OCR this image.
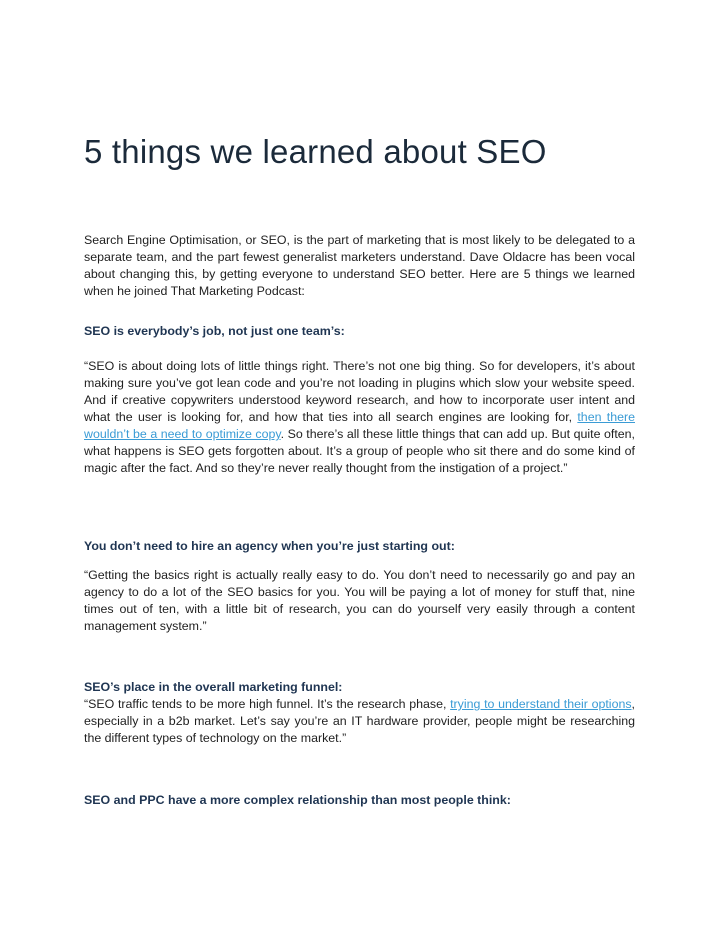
5 things we learned about SEO

Search Engine Optimisation, or SEO, is the part of marketing that is most likely to be delegated to a separate team, and the part fewest generalist marketers understand. Dave Oldacre has been vocal about changing this, by getting everyone to understand SEO better. Here are 5 things we learned when he joined That Marketing Podcast:

SEO is everybody’s job, not just one team’s:

“SEO is about doing lots of little things right. There’s not one big thing. So for developers, it’s about making sure you’ve got lean code and you’re not loading in plugins which slow your website speed. And if creative copywriters understood keyword research, and how to incorporate user intent and what the user is looking for, and how that ties into all search engines are looking for, then there wouldn’t be a need to optimize copy. So there’s all these little things that can add up. But quite often, what happens is SEO gets forgotten about. It’s a group of people who sit there and do some kind of magic after the fact. And so they’re never really thought from the instigation of a project.”

You don’t need to hire an agency when you’re just starting out:

“Getting the basics right is actually really easy to do. You don’t need to necessarily go and pay an agency to do a lot of the SEO basics for you. You will be paying a lot of money for stuff that, nine times out of ten, with a little bit of research, you can do yourself very easily through a content management system.”

SEO’s place in the overall marketing funnel:

“SEO traffic tends to be more high funnel. It’s the research phase, trying to understand their options, especially in a b2b market. Let’s say you’re an IT hardware provider, people might be researching the different types of technology on the market.”

SEO and PPC have a more complex relationship than most people think:
